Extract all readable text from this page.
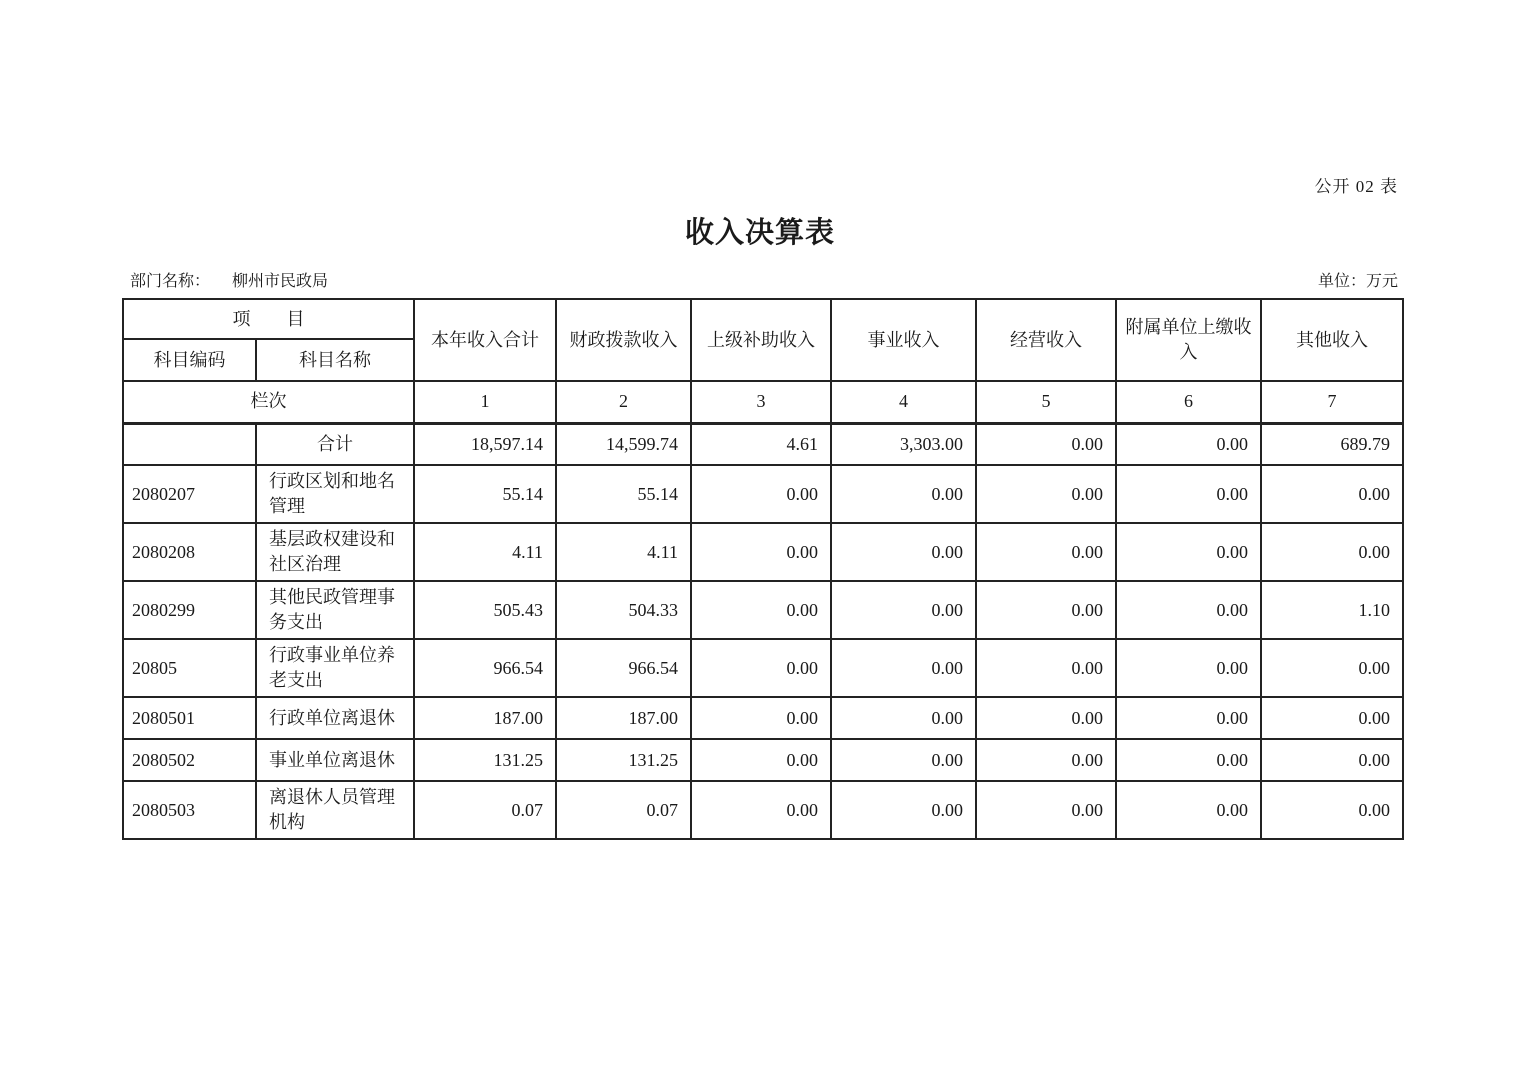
公开 02 表
收入决算表
部门名称： 柳州市民政局	单位：万元
项　　目		本年收入合计	财政拨款收入	上级补助收入	事业收入	经营收入	附属单位上缴收入	其他收入
科目编码	科目名称							
栏次		1	2	3	4	5	6	7
	合计	18,597.14	14,599.74	4.61	3,303.00	0.00	0.00	689.79
2080207	行政区划和地名管理	55.14	55.14	0.00	0.00	0.00	0.00	0.00
2080208	基层政权建设和社区治理	4.11	4.11	0.00	0.00	0.00	0.00	0.00
2080299	其他民政管理事务支出	505.43	504.33	0.00	0.00	0.00	0.00	1.10
20805	行政事业单位养老支出	966.54	966.54	0.00	0.00	0.00	0.00	0.00
2080501	行政单位离退休	187.00	187.00	0.00	0.00	0.00	0.00	0.00
2080502	事业单位离退休	131.25	131.25	0.00	0.00	0.00	0.00	0.00
2080503	离退休人员管理机构	0.07	0.07	0.00	0.00	0.00	0.00	0.00
